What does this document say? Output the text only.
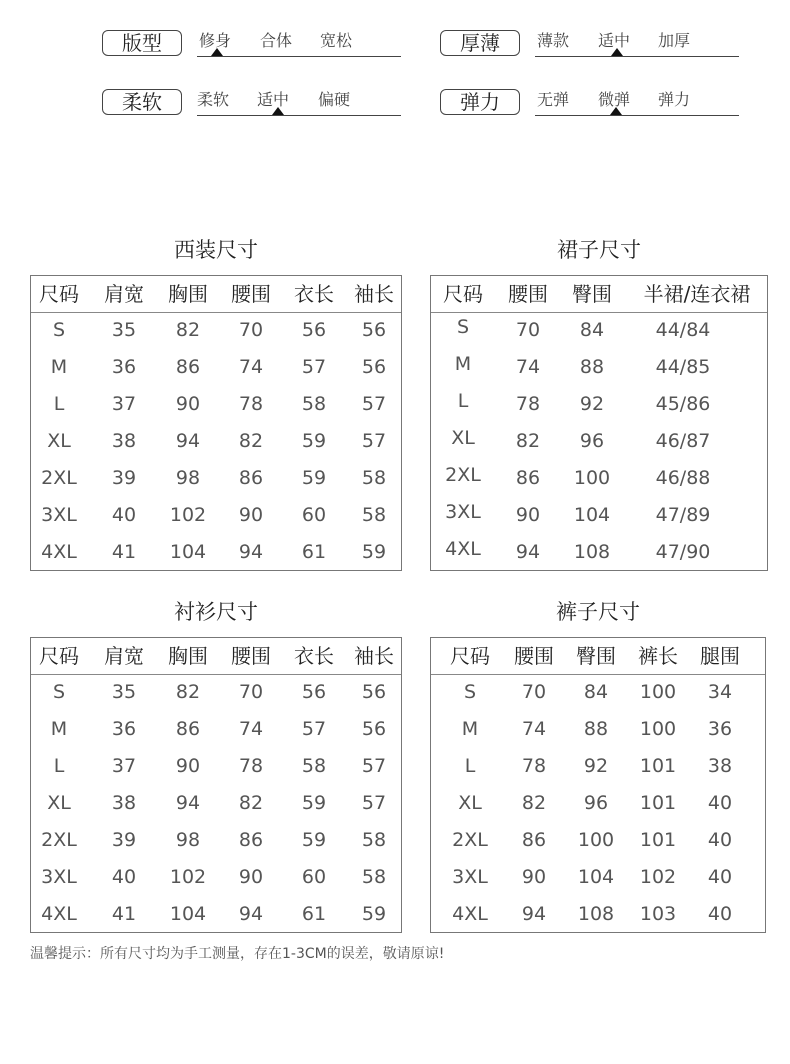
版型	修身 合体 宽松	厚薄	薄款 适中 加厚
柔软	柔软 适中 偏硬	弹力	无弹 微弹 弹力
西装尺寸
尺码	肩宽	胸围	腰围	衣长	袖长
S	35	82	70	56	56
M	36	86	74	57	56
L	37	90	78	58	57
XL	38	94	82	59	57
2XL	39	98	86	59	58
3XL	40	102	90	60	58
4XL	41	104	94	61	59
裙子尺寸
尺码	腰围	臀围	半裙/连衣裙
S	70	84	44/84
M	74	88	44/85
L	78	92	45/86
XL	82	96	46/87
2XL	86	100	46/88
3XL	90	104	47/89
4XL	94	108	47/90
衬衫尺寸
尺码	肩宽	胸围	腰围	衣长	袖长
S	35	82	70	56	56
M	36	86	74	57	56
L	37	90	78	58	57
XL	38	94	82	59	57
2XL	39	98	86	59	58
3XL	40	102	90	60	58
4XL	41	104	94	61	59
裤子尺寸
尺码	腰围	臀围	裤长	腿围
S	70	84	100	34
M	74	88	100	36
L	78	92	101	38
XL	82	96	101	40
2XL	86	100	101	40
3XL	90	104	102	40
4XL	94	108	103	40
温馨提示：所有尺寸均为手工测量，存在1-3CM的误差，敬请原谅!
